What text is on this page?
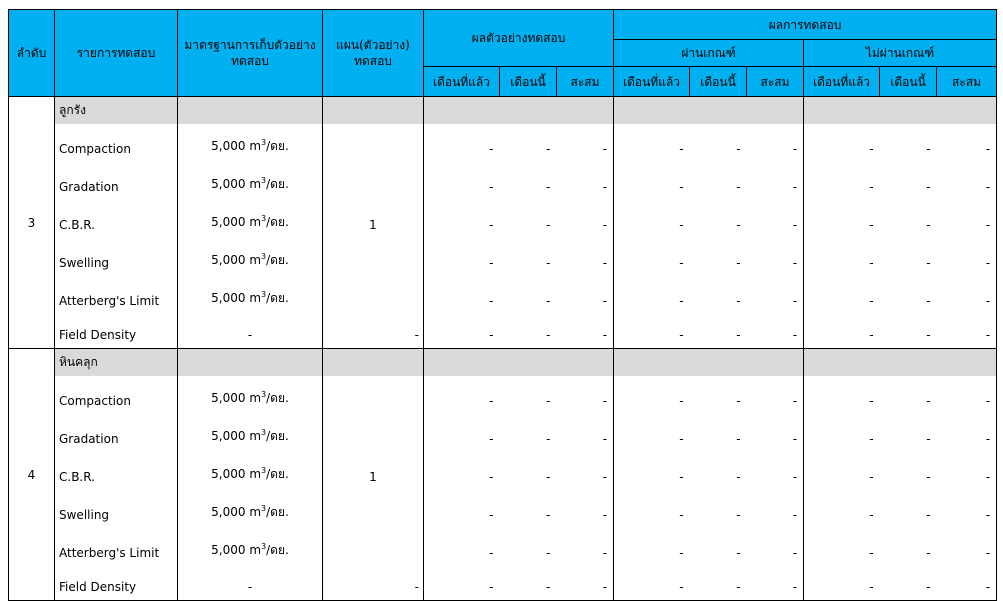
ลำดับ	รายการทดสอบ	มาตรฐานการเก็บตัวอย่างทดสอบ	แผน(ตัวอย่าง) ทดสอบ	ผลตัวอย่างทดสอบ			ผลการทดสอบ					
							ผ่านเกณฑ์			ไม่ผ่านเกณฑ์		
				เดือนที่แล้ว	เดือนนี้	สะสม	เดือนที่แล้ว	เดือนนี้	สะสม	เดือนที่แล้ว	เดือนนี้	สะสม
3	ลูกรัง											
	Compaction	5,000 $m^3/$ดย.		-	-	-	-	-	-	-	-	-
	Gradation	5,000 $m^3/$ดย.		-	-	-	-	-	-	-	-	-
	C.B.R.	5,000 $m^3/$ดย.	1	-	-	-	-	-	-	-	-	-
	Swelling	5,000 $m^3/$ดย.		-	-	-	-	-	-	-	-	-
	Atterberg's Limit	5,000 $m^3/$ดย.		-	-	-	-	-	-	-	-	-
	Field Density	-	-	-	-	-	-	-	-	-	-	-
4	หินคลุก											
	Compaction	5,000 $m^3/$ดย.		-	-	-	-	-	-	-	-	-
	Gradation	5,000 $m^3/$ดย.		-	-	-	-	-	-	-	-	-
	C.B.R.	5,000 $m^3/$ดย.	1	-	-	-	-	-	-	-	-	-
	Swelling	5,000 $m^3/$ดย.		-	-	-	-	-	-	-	-	-
	Atterberg's Limit	5,000 $m^3/$ดย.		-	-	-	-	-	-	-	-	-
	Field Density	-	-	-	-	-	-	-	-	-	-	-
